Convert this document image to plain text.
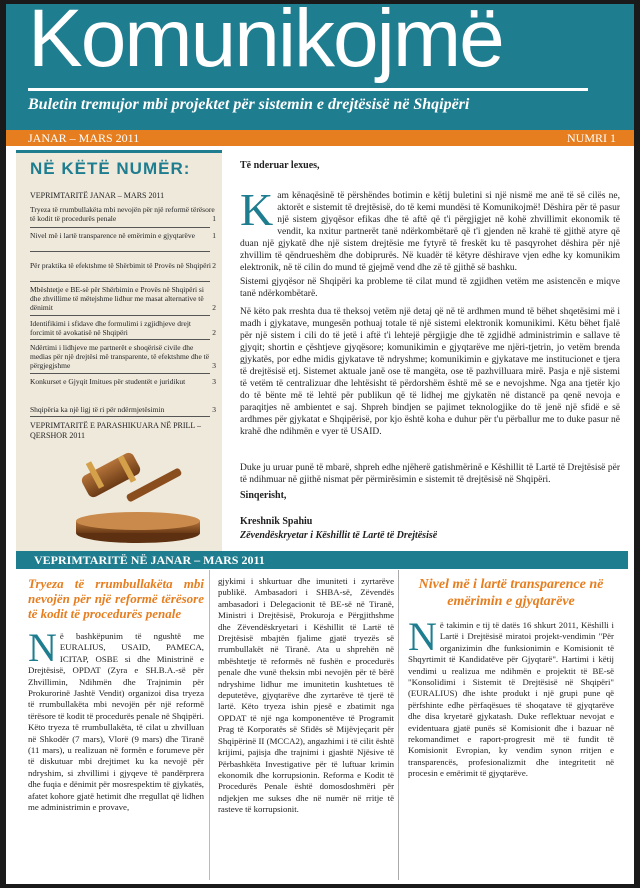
Komunikojmë
Buletin tremujor mbi projektet për sistemin e drejtësisë në Shqipëri
JANAR – MARS 2011	NUMRI 1
NË KËTË NUMËR:
VEPRIMTARITË JANAR – MARS 2011
Tryeza të rrumbullakëta mbi nevojën për një reformë tërësore të kodit të procedurës penale	1
Nivel më i lartë transparence në emërimin e gjyqtarëve 1
Për praktika të efektshme të Shërbimit të Provës në Shqipëri 2
Mbështetje e BE-së për Shërbimin e Provës në Shqipëri si dhe zhvillime të mëtejshme lidhur me masat alternative të dënimit	2
Identifikimi i sfidave dhe formulimi i zgjidhjeve drejt forcimit të avokatisë në Shqipëri	2
Ndërtimi i lidhjeve me partnerët e shoqërisë civile dhe medias për një drejtësi më transparente, të efektshme dhe të përgjegjshme	3
Konkurset e Gjyqit Imitues për studentët e juridikut	3
Shqipëria ka një ligj të ri për ndërmjetësimin	3
VEPRIMTARITË E PARASHIKUARA NË PRILL – QERSHOR 2011
Të nderuar lexues,
Kam kënaqësinë të përshëndes botimin e këtij buletini si një nismë me anë të së cilës ne, aktorët e sistemit të drejtësisë, do të kemi mundësi të Komunikojmë! Dëshira për të pasur një sistem gjyqësor efikas dhe të aftë që t'i përgjigjet në kohë zhvillimit ekonomik të vendit, ka nxitur partnerët tanë ndërkombëtarë që t'i gjenden në krahë të gjithë atyre që duan një gjykatë dhe një sistem drejtësie me fytyrë të freskët ku të pasqyrohet dëshira për një zhvillim të qëndrueshëm dhe dobiprurës. Në kuadër të këtyre dëshirave vjen edhe ky komunikim elektronik, në të cilin do mund të gjejmë vend dhe zë të gjithë së bashku.
Sistemi gjyqësor në Shqipëri ka probleme të cilat mund të zgjidhen vetëm me asistencën e miqve tanë ndërkombëtarë.
Në këto pak rreshta dua të theksoj vetëm një detaj që në të ardhmen mund të bëhet shqetësimi më i madh i gjykatave, mungesën pothuaj totale të një sistemi elektronik komunikimi. Këtu bëhet fjalë për një sistem i cili do të jetë i aftë t'i lehtejë përgjigje dhe të zgjidhë administrimin e sallave të gjyqit; shortin e çështjeve gjyqësore; komunikimin e gjyqtarëve me njëri-tjetrin, jo vetëm brenda gjykatës, por edhe midis gjykatave të ndryshme; komunikimin e gjykatave me institucionet e tjera të drejtësisë etj. Sistemet aktuale janë ose të mangëta, ose të pazhvilluara mirë. Pasja e një sistemi të vetëm të centralizuar dhe lehtësisht të përdorshëm është më se e nevojshme. Nga ana tjetër kjo do të bënte më të lehtë për publikun që të lidhej me gjykatën në distancë pa qenë nevoja e paraqitjes në ambientet e saj. Shpreh bindjen se pajimet teknologjike do të jenë një sfidë e së ardhmes për gjykatat e Shqipërisë, por kjo është koha e duhur për t'u përballur me to duke pasur në krahë dhe ndihmën e vyer të USAID.
Duke ju uruar punë të mbarë, shpreh edhe njëherë gatishmërinë e Këshillit të Lartë të Drejtësisë për të ndihmuar në gjithë nismat për përmirësimin e sistemit të drejtësisë në Shqipëri.
Sinqerisht,
Kreshnik Spahiu
Zëvendëskryetar i Këshillit të Lartë të Drejtësisë
VEPRIMTARITË NË JANAR – MARS 2011
Tryeza të rrumbullakëta mbi nevojën për një reformë tërësore të kodit të procedurës penale
Në bashkëpunim të ngushtë me EURALIUS, USAID, PAMECA, ICITAP, OSBE si dhe Ministrinë e Drejtësisë, OPDAT (Zyra e SH.B.A.-së për Zhvillimin, Ndihmën dhe Trajnimin për Prokurorinë Jashtë Vendit) organizoi disa tryeza të rrumbullakëta mbi nevojën për një reformë tërësore të kodit të procedurës penale në Shqipëri. Këto tryeza të rrumbullakëta, të cilat u zhvilluan në Shkodër (7 mars), Vlorë (9 mars) dhe Tiranë (11 mars), u realizuan në formën e forumeve për të diskutuar mbi drejtimet ku ka nevojë për ndryshim, si zhvillimi i gjyqeve të pandërprera dhe fuqia e dënimit për mosrespektim të gjykatës, afatet kohore gjatë hetimit dhe rregullat që lidhen me administrimin e provave,
gjykimi i shkurtuar dhe imuniteti i zyrtarëve publikë. Ambasadori i SHBA-së, Zëvendës ambasadori i Delegacionit të BE-së në Tiranë, Ministri i Drejtësisë, Prokuroja e Përgjithshme dhe Zëvendëskryetari i Këshillit të Lartë të Drejtësisë mbajtën fjalime gjatë tryezës së rrumbullakët në Tiranë. Ata u shprehën në mbështetje të reformës në fushën e procedurës penale dhe vunë theksin mbi nevojën për të bërë ndryshime lidhur me imunitetin kushtetues të deputetëve, gjyqtarëve dhe zyrtarëve të tjerë të lartë. Këto tryeza ishin pjesë e zbatimit nga OPDAT të një nga komponentëve të Programit Prag të Korporatës së Sfidës së Mijëvjeçarit për Shqipërinë II (MCCA2), angazhimi i të cilit është krijimi, pajisja dhe trajnimi i gjashtë Njësive të Përbashkëta Investigative për të luftuar krimin ekonomik dhe korrupsionin. Reforma e Kodit të Procedurës Penale është domosdoshmëri për ndjekjen me sukses dhe në numër në rritje të rasteve të korrupsionit.
Nivel më i lartë transparence në emërimin e gjyqtarëve
Në takimin e tij të datës 16 shkurt 2011, Këshilli i Lartë i Drejtësisë miratoi projekt-vendimin "Për organizimin dhe funksionimin e Komisionit të Shqyrtimit të Kandidatëve për Gjyqtarë". Hartimi i këtij vendimi u realizua me ndihmën e projektit të BE-së "Konsolidimi i Sistemit të Drejtësisë në Shqipëri" (EURALIUS) dhe ishte produkt i një grupi pune që përfshinte edhe përfaqësues të shoqatave të gjyqtarëve dhe disa kryetarë gjykatash. Duke reflektuar nevojat e evidentuara gjatë punës së Komisionit dhe i bazuar në rekomandimet e raport-progresit më të fundit të Komisionit Evropian, ky vendim synon rritjen e transparencës, profesionalizmit dhe integritetit në procesin e emërimit të gjyqtarëve.
